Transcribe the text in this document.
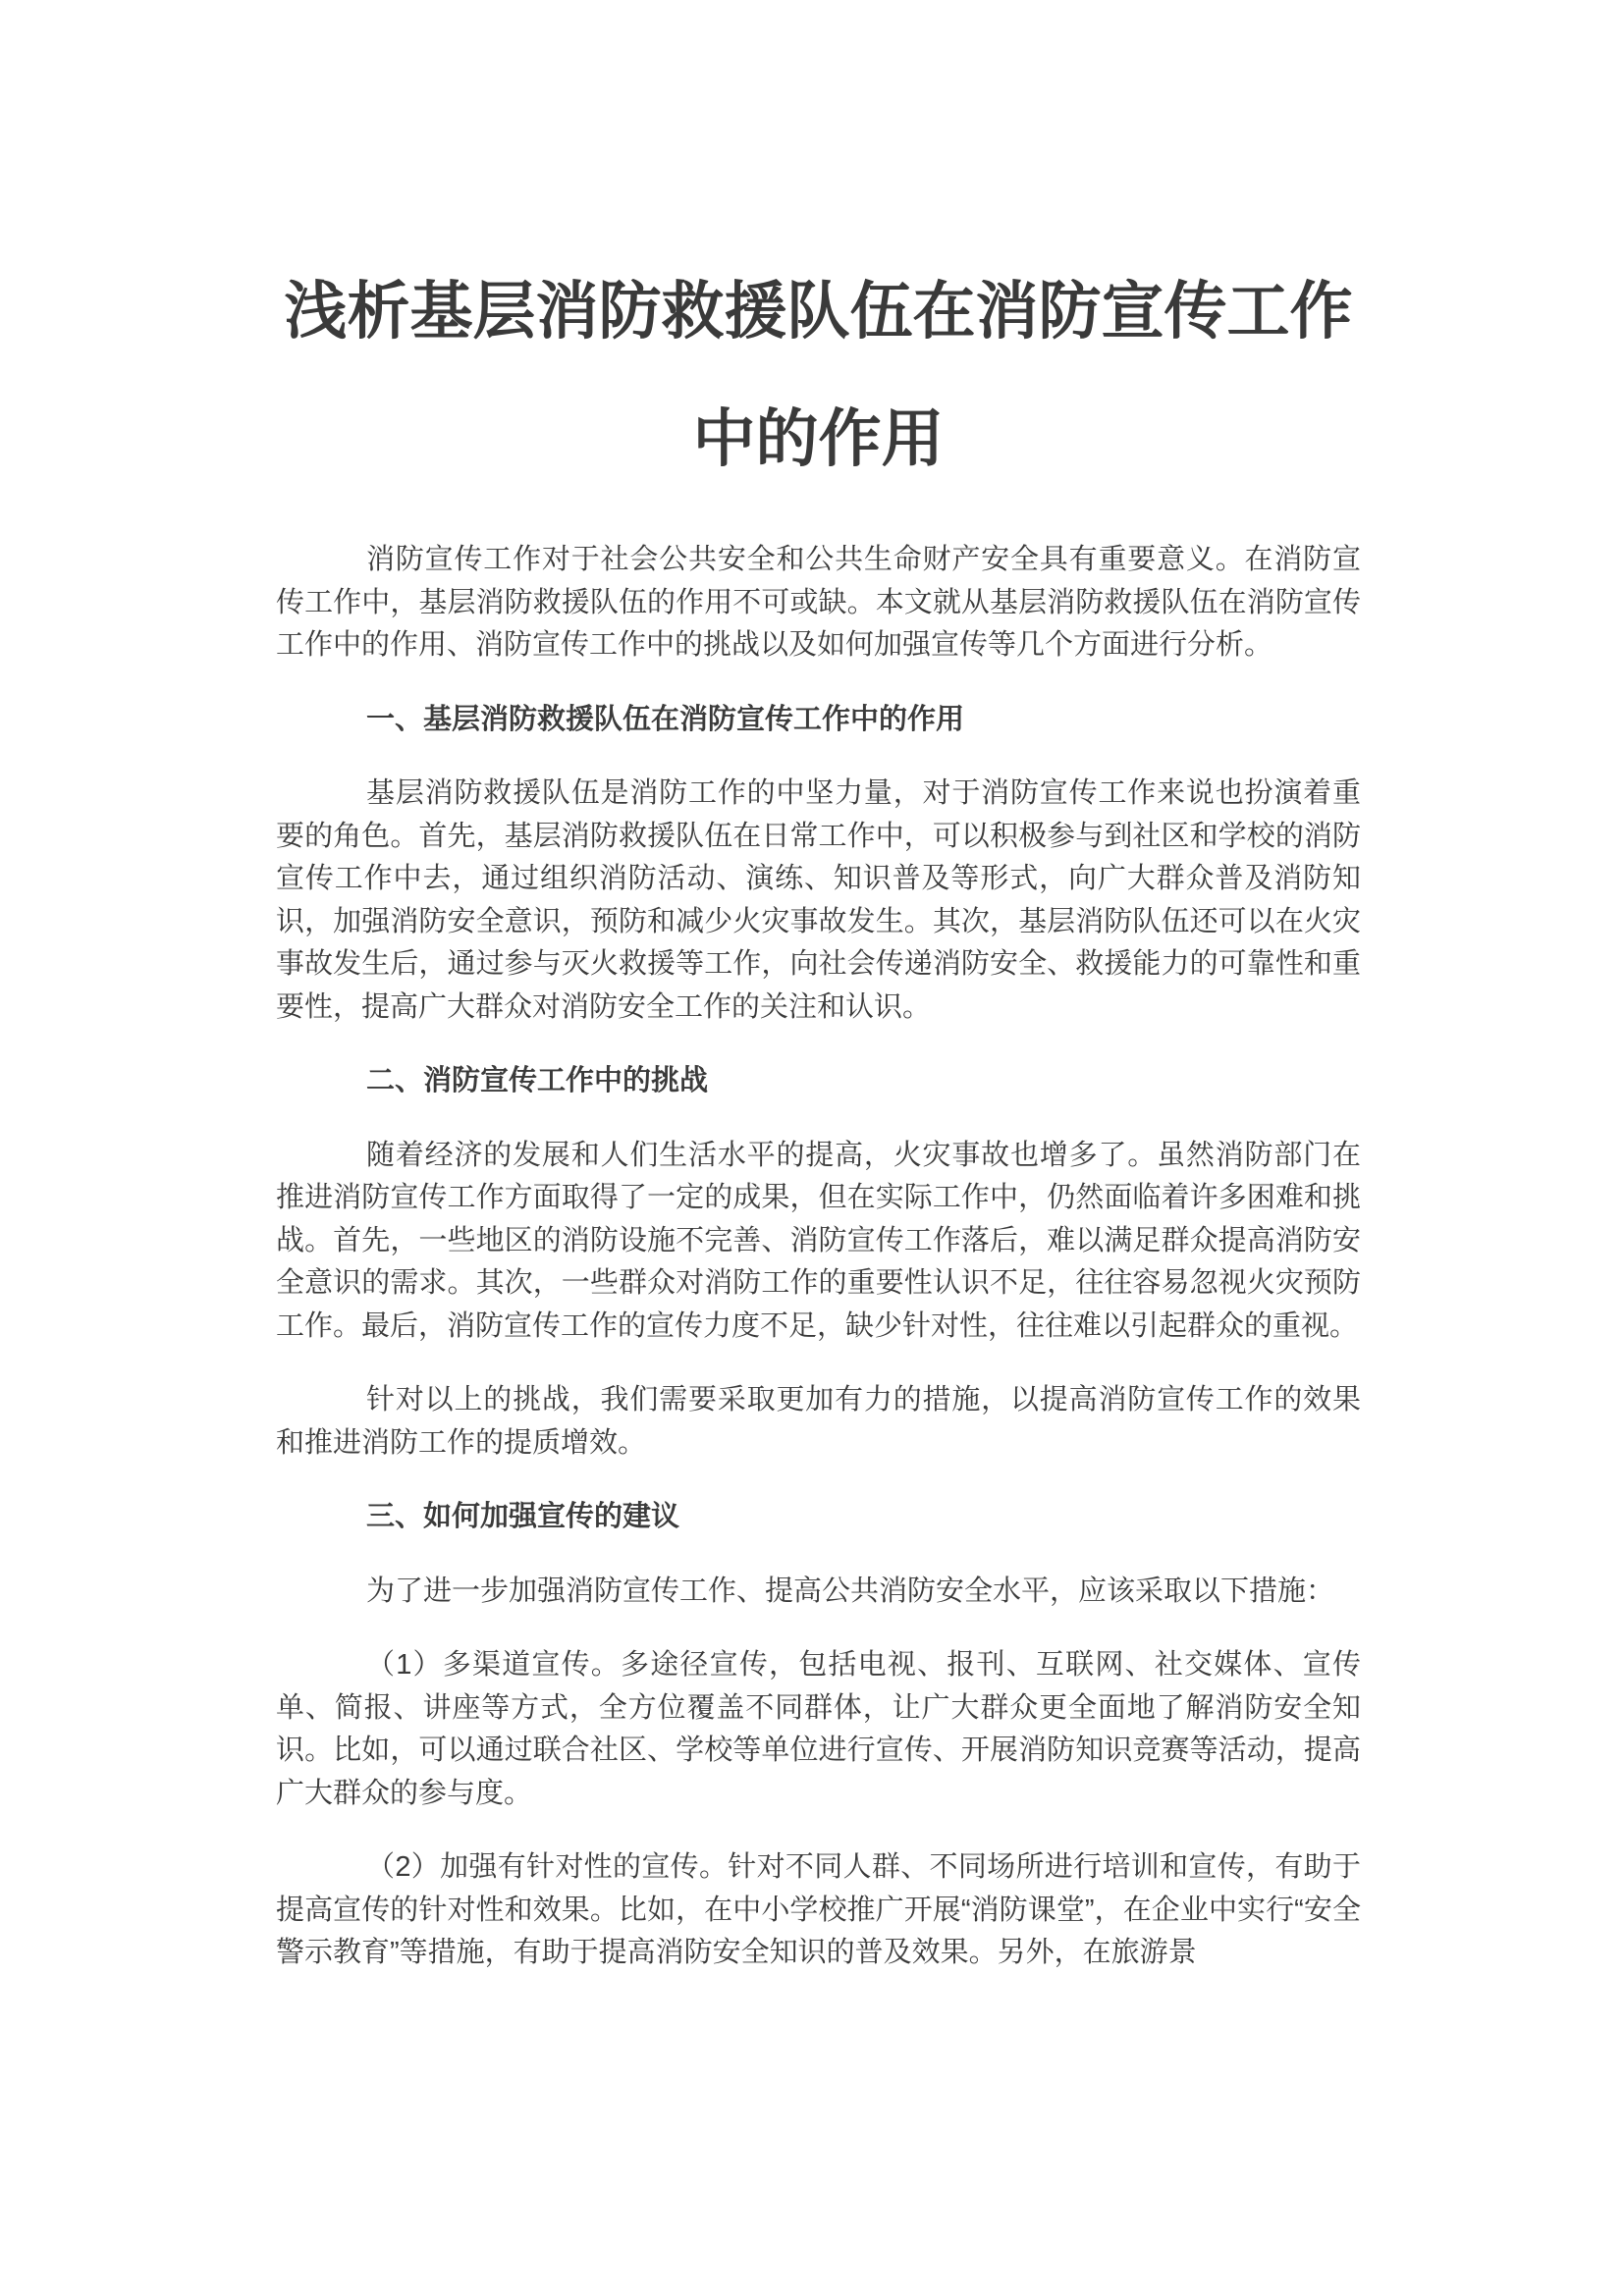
浅析基层消防救援队伍在消防宣传工作中的作用

消防宣传工作对于社会公共安全和公共生命财产安全具有重要意义。在消防宣传工作中，基层消防救援队伍的作用不可或缺。本文就从基层消防救援队伍在消防宣传工作中的作用、消防宣传工作中的挑战以及如何加强宣传等几个方面进行分析。

一、基层消防救援队伍在消防宣传工作中的作用

基层消防救援队伍是消防工作的中坚力量，对于消防宣传工作来说也扮演着重要的角色。首先，基层消防救援队伍在日常工作中，可以积极参与到社区和学校的消防宣传工作中去，通过组织消防活动、演练、知识普及等形式，向广大群众普及消防知识，加强消防安全意识，预防和减少火灾事故发生。其次，基层消防队伍还可以在火灾事故发生后，通过参与灭火救援等工作，向社会传递消防安全、救援能力的可靠性和重要性，提高广大群众对消防安全工作的关注和认识。

二、消防宣传工作中的挑战

随着经济的发展和人们生活水平的提高，火灾事故也增多了。虽然消防部门在推进消防宣传工作方面取得了一定的成果，但在实际工作中，仍然面临着许多困难和挑战。首先，一些地区的消防设施不完善、消防宣传工作落后，难以满足群众提高消防安全意识的需求。其次，一些群众对消防工作的重要性认识不足，往往容易忽视火灾预防工作。最后，消防宣传工作的宣传力度不足，缺少针对性，往往难以引起群众的重视。

针对以上的挑战，我们需要采取更加有力的措施，以提高消防宣传工作的效果和推进消防工作的提质增效。

三、如何加强宣传的建议

为了进一步加强消防宣传工作、提高公共消防安全水平，应该采取以下措施：

（1）多渠道宣传。多途径宣传，包括电视、报刊、互联网、社交媒体、宣传单、简报、讲座等方式，全方位覆盖不同群体，让广大群众更全面地了解消防安全知识。比如，可以通过联合社区、学校等单位进行宣传、开展消防知识竞赛等活动，提高广大群众的参与度。

（2）加强有针对性的宣传。针对不同人群、不同场所进行培训和宣传，有助于提高宣传的针对性和效果。比如，在中小学校推广开展“消防课堂”，在企业中实行“安全警示教育”等措施，有助于提高消防安全知识的普及效果。另外，在旅游景
